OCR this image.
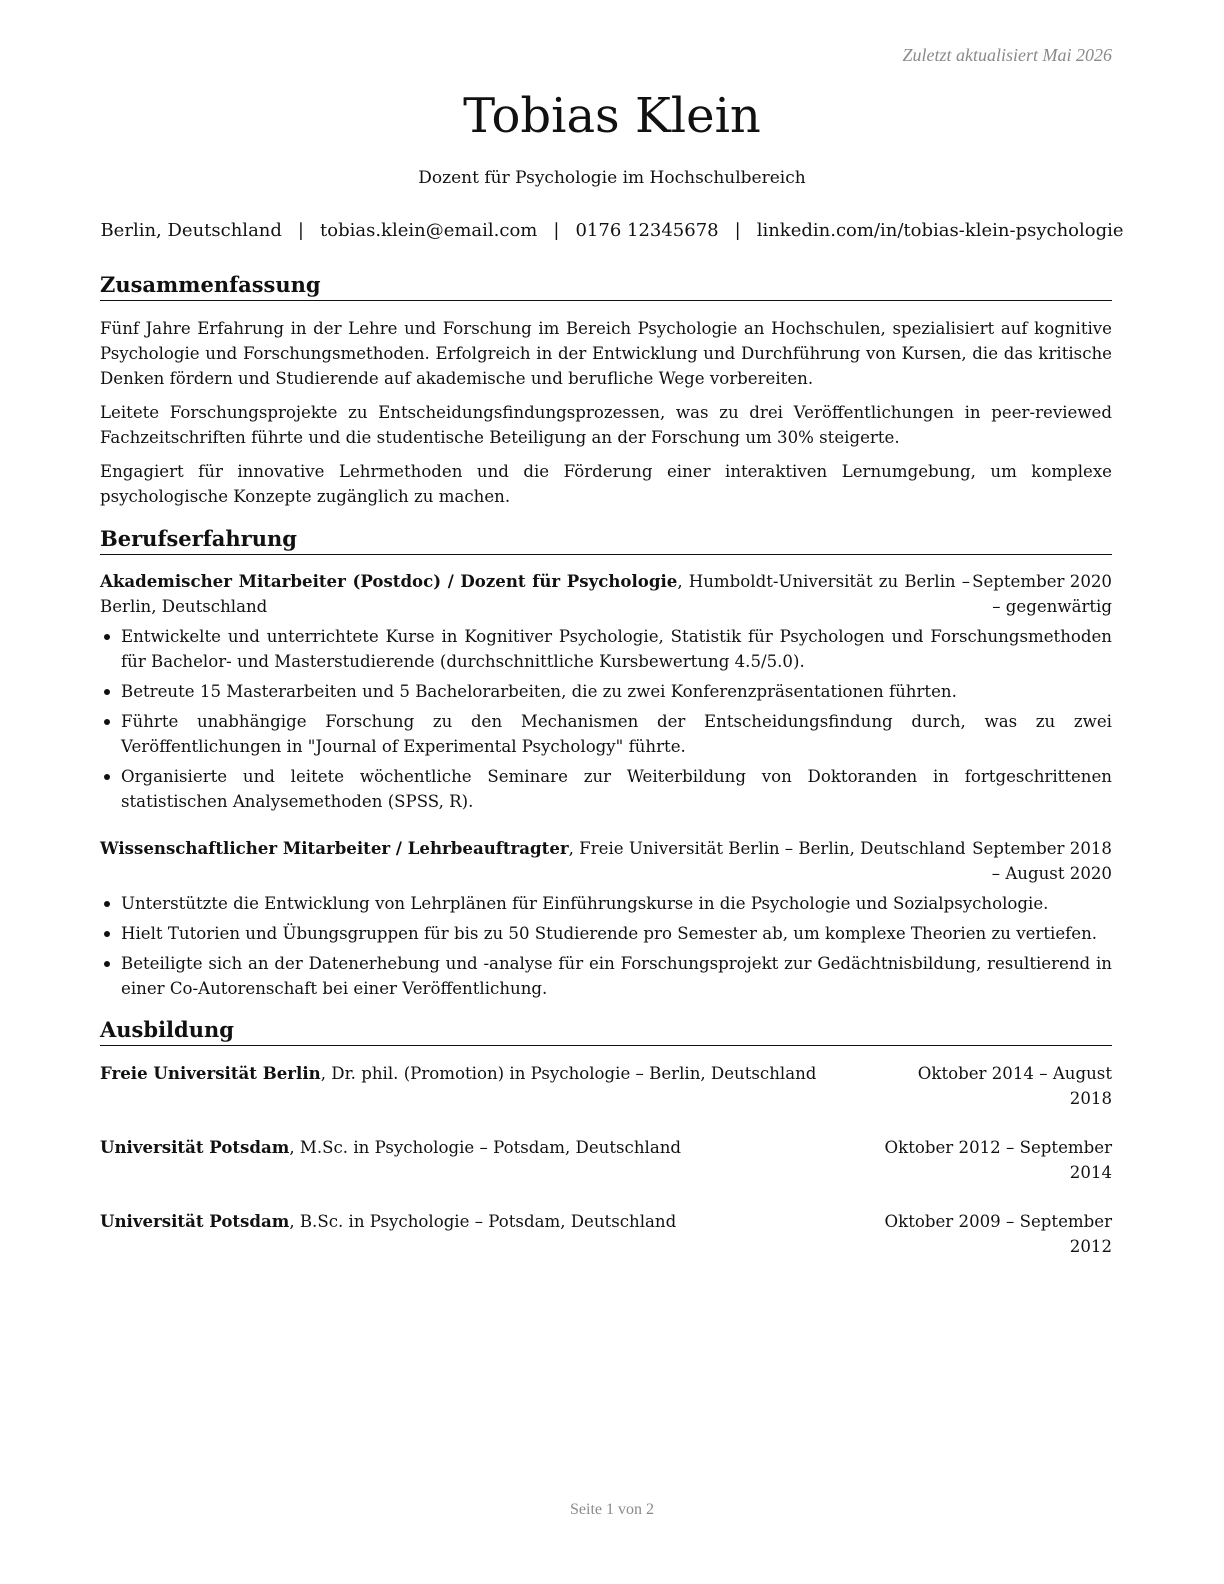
Zuletzt aktualisiert Mai 2026
Tobias Klein
Dozent für Psychologie im Hochschulbereich
Berlin, Deutschland | tobias.klein@email.com | 0176 12345678 | linkedin.com/in/tobias-klein-psychologie
Zusammenfassung

Fünf Jahre Erfahrung in der Lehre und Forschung im Bereich Psychologie an Hochschulen, spezialisiert auf kognitive Psychologie und Forschungsmethoden. Erfolgreich in der Entwicklung und Durchführung von Kursen, die das kritische Denken fördern und Studierende auf akademische und berufliche Wege vorbereiten.

Leitete Forschungsprojekte zu Entscheidungsfindungsprozessen, was zu drei Veröffentlichungen in peer-reviewed Fachzeitschriften führte und die studentische Beteiligung an der Forschung um 30% steigerte.

Engagiert für innovative Lehrmethoden und die Förderung einer interaktiven Lernumgebung, um komplexe psychologische Konzepte zugänglich zu machen.

Berufserfahrung
Akademischer Mitarbeiter (Postdoc) / Dozent für Psychologie, Humboldt-Universität zu Berlin – Berlin, Deutschland
September 2020 – gegenwärtig
Entwickelte und unterrichtete Kurse in Kognitiver Psychologie, Statistik für Psychologen und Forschungsmethoden für Bachelor- und Masterstudierende (durchschnittliche Kursbewertung 4.5/5.0).
Betreute 15 Masterarbeiten und 5 Bachelorarbeiten, die zu zwei Konferenzpräsentationen führten.
Führte unabhängige Forschung zu den Mechanismen der Entscheidungsfindung durch, was zu zwei Veröffentlichungen in "Journal of Experimental Psychology" führte.
Organisierte und leitete wöchentliche Seminare zur Weiterbildung von Doktoranden in fortgeschrittenen statistischen Analysemethoden (SPSS, R).
Wissenschaftlicher Mitarbeiter / Lehrbeauftragter, Freie Universität Berlin – Berlin, Deutschland September 2018 – August 2020
Unterstützte die Entwicklung von Lehrplänen für Einführungskurse in die Psychologie und Sozialpsychologie.
Hielt Tutorien und Übungsgruppen für bis zu 50 Studierende pro Semester ab, um komplexe Theorien zu vertiefen.
Beteiligte sich an der Datenerhebung und -analyse für ein Forschungsprojekt zur Gedächtnisbildung, resultierend in einer Co-Autorenschaft bei einer Veröffentlichung.
Ausbildung
Freie Universität Berlin, Dr. phil. (Promotion) in Psychologie – Berlin, Deutschland	Oktober 2014 – August 2018
Universität Potsdam, M.Sc. in Psychologie – Potsdam, Deutschland	Oktober 2012 – September 2014
Universität Potsdam, B.Sc. in Psychologie – Potsdam, Deutschland	Oktober 2009 – September 2012
Seite 1 von 2
